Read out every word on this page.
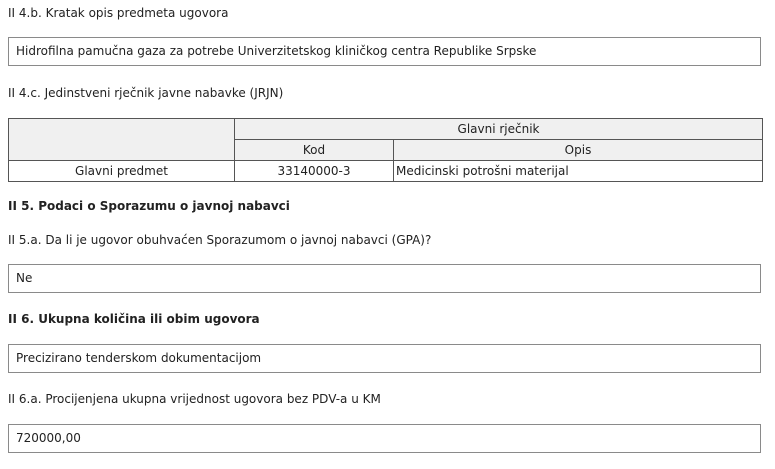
II 4.b. Kratak opis predmeta ugovora
Hidrofilna pamučna gaza za potrebe Univerzitetskog kliničkog centra Republike Srpske
II 4.c. Jedinstveni rječnik javne nabavke (JRJN)
	Glavni rječnik	
	Kod	Opis
Glavni predmet	33140000-3	Medicinski potrošni materijal
II 5. Podaci o Sporazumu o javnoj nabavci
II 5.a. Da li je ugovor obuhvaćen Sporazumom o javnoj nabavci (GPA)?
Ne
II 6. Ukupna količina ili obim ugovora
Precizirano tenderskom dokumentacijom
II 6.a. Procijenjena ukupna vrijednost ugovora bez PDV-a u KM
720000,00
